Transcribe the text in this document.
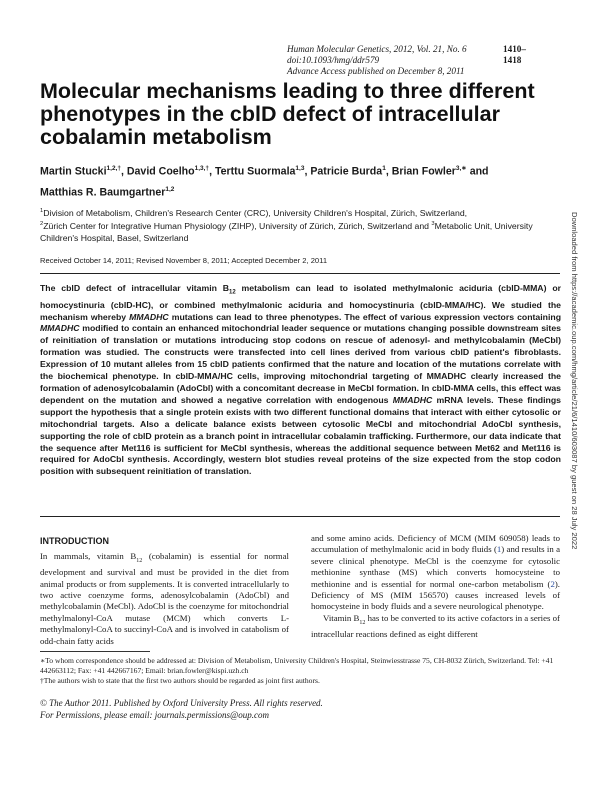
Human Molecular Genetics, 2012, Vol. 21, No. 6	1410–1418
doi:10.1093/hmg/ddr579
Advance Access published on December 8, 2011
Molecular mechanisms leading to three different phenotypes in the cblD defect of intracellular cobalamin metabolism
Martin Stucki$^{1,2,\dagger}$, David Coelho$^{1,3,\dagger}$, Terttu Suormala$^{1,3}$, Patricie Burda$^1$, Brian Fowler$^{3,∗}$ and
Matthias R. Baumgartner$^{1,2}$
$^1$Division of Metabolism, Children's Research Center (CRC), University Children's Hospital, Zürich, Switzerland,
$^2$Zürich Center for Integrative Human Physiology (ZIHP), University of Zürich, Zürich, Switzerland and $^3$Metabolic Unit, University Children's Hospital, Basel, Switzerland
Received October 14, 2011; Revised November 8, 2011; Accepted December 2, 2011
The cblD defect of intracellular vitamin $B_{12}$ metabolism can lead to isolated methylmalonic aciduria (cblD-MMA) or homocystinuria (cblD-HC), or combined methylmalonic aciduria and homocystinuria (cblD-MMA/HC). We studied the mechanism whereby MMADHC mutations can lead to three phenotypes. The effect of various expression vectors containing MMADHC modified to contain an enhanced mitochondrial leader sequence or mutations changing possible downstream sites of reinitiation of translation or mutations introducing stop codons on rescue of adenosyl- and methylcobalamin (MeCbl) formation was studied. The constructs were transfected into cell lines derived from various cblD patient's fibroblasts. Expression of 10 mutant alleles from 15 cblD patients confirmed that the nature and location of the mutations correlate with the biochemical phenotype. In cblD-MMA/HC cells, improving mitochondrial targeting of MMADHC clearly increased the formation of adenosylcobalamin (AdoCbl) with a concomitant decrease in MeCbl formation. In cblD-MMA cells, this effect was dependent on the mutation and showed a negative correlation with endogenous MMADHC mRNA levels. These findings support the hypothesis that a single protein exists with two different functional domains that interact with either cytosolic or mitochondrial targets. Also a delicate balance exists between cytosolic MeCbl and mitochondrial AdoCbl synthesis, supporting the role of cblD protein as a branch point in intracellular cobalamin trafficking. Furthermore, our data indicate that the sequence after Met116 is sufficient for MeCbl synthesis, whereas the additional sequence between Met62 and Met116 is required for AdoCbl synthesis. Accordingly, western blot studies reveal proteins of the size expected from the stop codon position with subsequent reinitiation of translation.	Downloaded from https://academic.oup.com/hmg/article/21/6/1410/603087 by guest on 28 July 2022
INTRODUCTION

In mammals, vitamin $B_{12}$ (cobalamin) is essential for normal development and survival and must be provided in the diet from animal products or from supplements. It is converted intracellularly to two active coenzyme forms, adenosylcobalamin (AdoCbl) and methylcobalamin (MeCbl). AdoCbl is the coenzyme for mitochondrial methylmalonyl-CoA mutase (MCM) which converts L-methylmalonyl-CoA to succinyl-CoA and is involved in catabolism of odd-chain fatty acids

and some amino acids. Deficiency of MCM (MIM 609058) leads to accumulation of methylmalonic acid in body fluids (1) and results in a severe clinical phenotype. MeCbl is the coenzyme for cytosolic methionine synthase (MS) which converts homocysteine to methionine and is essential for normal one-carbon metabolism (2). Deficiency of MS (MIM 156570) causes increased levels of homocysteine in body fluids and a severe neurological phenotype.

Vitamin $B_{12}$ has to be converted to its active cofactors in a series of intracellular reactions defined as eight different

∗To whom correspondence should be addressed at: Division of Metabolism, University Children's Hospital, Steinwiesstrasse 75, CH-8032 Zürich, Switzerland. Tel: +41 442663112; Fax: +41 442667167; Email: brian.fowler@kispi.uzh.ch

†The authors wish to state that the first two authors should be regarded as joint first authors.

© The Author 2011. Published by Oxford University Press. All rights reserved.
For Permissions, please email: journals.permissions@oup.com
